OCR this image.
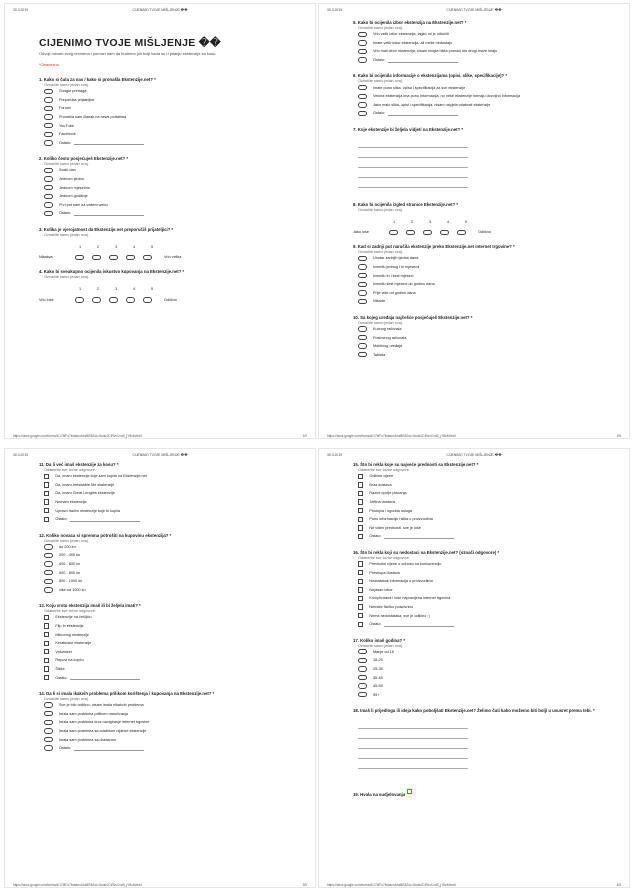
30.3.2019	CIJENIMO TVOJE MIŠLJENJE ��
CIJENIMO TVOJE MIŠLJENJE ��
Odvoji minutu svog vremena i pomozi nam da budemo još bolji kada su u pitanju ekstenzije za kosu.
*Obavezno
1. Kako si čula za nas / kako si pronašla Ekstenzije.net? *
Označite samo jedan ovaj.
Google pretraga
Preporuka prijateljice
Forumi
Pronašla sam članak na news portalima
YouTube
Facebook
Ostalo:
2. Koliko često posjećuješ Ekstenzije.net? *
Označite samo jedan ovaj.
Svaki dan
Jednom tjedno
Jednom mjesečno
Jednom godišnje
Prvi put sam na vašem webu
Ostalo:
3. Kolika je vjerojatnost da Ekstenzije.net preporučiš prijateljici? *
Označite samo jedan ovaj.
1	2	3	4	5
Nikakva	Vrlo velika
4. Kako bi sveukupno ocijenila iskustvo kupovanja na Ekstenzije.net? *
Označite samo jedan ovaj.
1	2	3	4	5
Vrlo loše	Odlično
https://docs.google.com/forms/d/17MFo7lwbanxA4sBR8ZsLrJkulwJCIRvvCvcB_jYBcM/edit	1/5
30.3.2019	CIJENIMO TVOJE MIŠLJENJE ��
5. Kako bi ocijenila izbor ekstenzija na Ekstenzije.net? *
Označite samo jedan ovaj.
Vrlo velik izbor ekstenzija, lagko mi je odlučiti
Imate velik izbor ekstenzija, ali meke nedostaju
Vrlo mali izbor ekstenzija, nisam mogla nikta pronaći što drugi može imaju
Ostalo:
6. Kako bi ocijenila informacije o ekstenzijama (opisi, slike, specifikacije)? *
Označite samo jedan ovaj.
Imate puno slika, opisa i specifikacija za sve ekstenzije
Većina ekstenzija ima puno informacija, no neke ekstenzije nemaju dovoljno informacija
Jako malo slika, opisi i specifikacija, nisam uspjela odabrati ekstenzije
Ostalo:
7. Koje ekstenzije bi željela vidjeti na Ekstenzije.net? *
8. Kako bi ocijenila izgled stranice Ekstenzije.net? *
Označite samo jedan ovaj.
1	2	3	4	5
Jako loše	Odlično
9. Kad si zadnji put naručila ekstenzije preko Ekstenzije.net internet trgovine? *
Označite samo jedan ovaj.
Unutar zadnjih tjedan dana
Između jednog i tri mjeseca
Između tri i šest mjeseci
Između šest mjeseci do godinu dana
Prije više od godinu dana
Nikada
10. Sa kojeg uređaja najčešće posjećuješ Ekstenzije.net? *
Označite samo jedan ovaj.
Kućnog računala
Poslovnog računala
Mobilnog uređaja
Tableta
https://docs.google.com/forms/d/17MFo7lwbanxA4sBR8ZsLrJkulwJCIRvvCvcB_jYBcM/edit	2/5
30.3.2019	CIJENIMO TVOJE MIŠLJENJE ��
11. Da li već imaš ekstenzije za kosu? *
Odaberite sve točne odgovore.
Da, imam ekstenzije koje sam kupila na Ekstenzije.net
Da, imam Irresistible Me ekstenzije
Da, imam Great Lengths ekstenzije
Nemam ekstenzije
Upravo tražim ekstenzije koje bi kupila
Ostalo:
12. Koliko novaca si spremna potrošiti na kupovinu ekstenzija? *
Označite samo jedan ovaj.
do 200 kn
200 - 400 kn
400 - 600 kn
600 - 800 kn
800 - 1000 kn
više od 1000 kn
13. Koju vrstu ekstenzija imaš ili bi željela imati? *
Odaberite sve točne odgovore.
Ekstenzije na češljiću
Flip In ekstenzije
Mikroring ekstenzije
Keratinske ekstenzije
Volumizer
Repovi na kopču
Šiške
Ostalo:
14. Da li si imala ikakvih problema prilikom korištenja i kupovanja na Ekstenzije.net? *
Označite samo jedan ovaj.
Sve je bilo odlično, nisam imala nikakvih problema
Imala sam problema prilikom naručivanja
Imala sam problema kroz navigiranje internet trgovine
Imala sam problema sa odabirom nijanse ekstenzije
Imala sam problema sa dostavom
Ostalo:
https://docs.google.com/forms/d/17MFo7lwbanxA4sBR8ZsLrJkulwJCIRvvCvcB_jYBcM/edit	3/5
30.3.2019	CIJENIMO TVOJE MIŠLJENJE ��
15. Što bi rekla koje su najveće prednosti sa Ekstenzije.net? *
Odaberite sve točne odgovore.
Odlične cijene
Brza dostava
Razne opcije plaćanja
Jeftina dostava
Pristojna i ugodna usluga
Puno informacija i slika o proizvodima
Ne vidim prednosti, sve je loše
Ostalo:
16. Što bi rekla koji su nedostaci na Ekstenzije.net? (označi odgovore) *
Odaberite sve točne odgovore.
Previsoke cijene u odnosu na konkurenciju
Preskupa dostava
Nedostatak informacija o proizvodima
Nejasan izbor
Komplicirana i loše napravljena internet trgovina
Nemate fizičku poslovnicu
Nema nedostataka, sve je odlično :)
Ostalo:
17. Koliko imaš godina? *
Označite samo jedan ovaj.
Manje od 18
18-25
25-35
35-45
45-55
55+
18. Imaš li prijedloga ili ideja kako poboljšati Ekstenzije.net? Želimo čuti kako možemo biti bolji u ususret prema tebi. *
19. Hvala na sudjelovanju
https://docs.google.com/forms/d/17MFo7lwbanxA4sBR8ZsLrJkulwJCIRvvCvcB_jYBcM/edit	4/5
